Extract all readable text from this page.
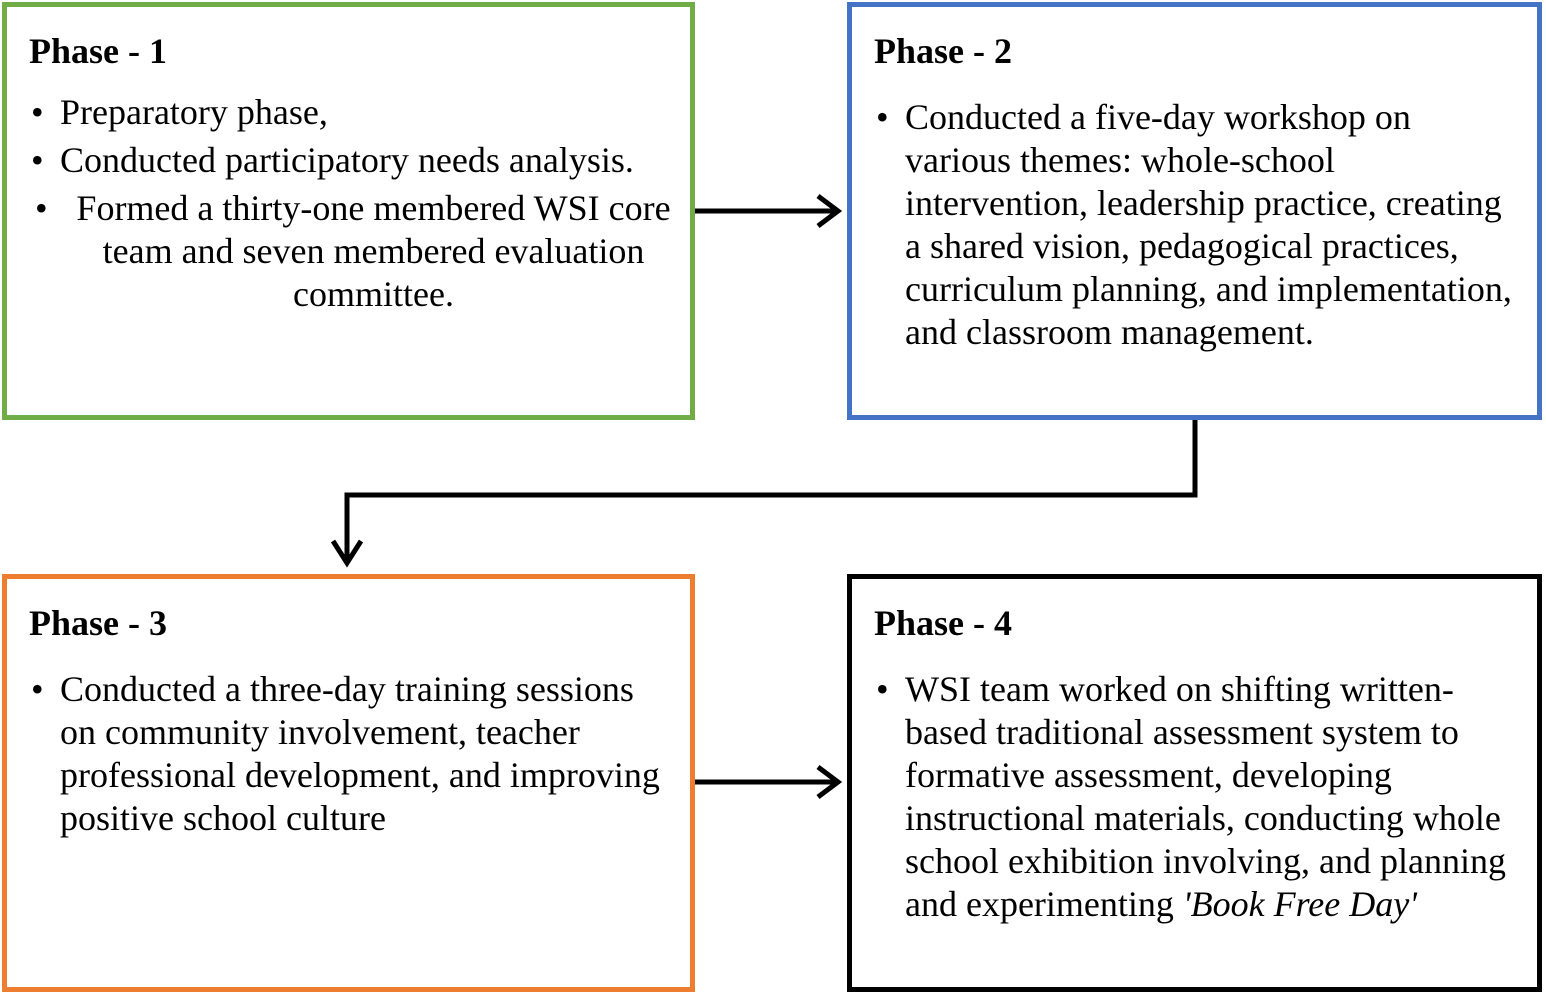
Phase - 1
• Preparatory phase,
• Conducted participatory needs analysis.
• Formed a thirty-one membered WSI core team and seven membered evaluation committee.
Phase - 2
• Conducted a five-day workshop on various themes: whole-school intervention, leadership practice, creating a shared vision, pedagogical practices, curriculum planning, and implementation, and classroom management.
Phase - 3
• Conducted a three-day training sessions on community involvement, teacher professional development, and improving positive school culture
Phase - 4
• WSI team worked on shifting written-based traditional assessment system to formative assessment, developing instructional materials, conducting whole school exhibition involving, and planning and experimenting 'Book Free Day'
